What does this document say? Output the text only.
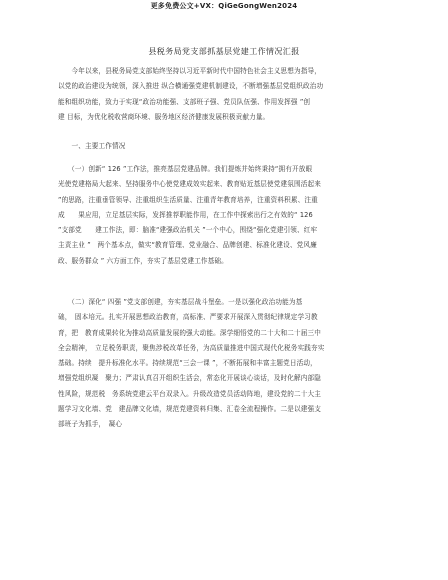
更多免费公文+VX：QiGeGongWen2024
县税务局党支部抓基层党建工作情况汇报
　　今年以来，县税务局党支部始终坚持以习近平新时代中国特色社会主义思想为指导，
以党的政治建设为统领，深入推进 纵合横通强党建机制建设，不断增强基层党组织政治功
能和组织功能，致力于实现“政治功能强、支部班子强、党员队伍强、作用发挥强 ”创
建 目标，为优化税收营商环境、服务地区经济健康发展积极贡献力量。
　　一、主要工作情况
　　（一）创新“ 126 ”工作法，推亮基层党建品牌。我们提炼并始终秉持“拥有开放眼
光使党建格局大起来、坚持服务中心使党建成效实起来、教育贴近基层使党建氛围活起来
”的思路，注重垂管领导、注重组织生活质量、注重青年教育培养，注重资料积累、注重
成　　果应用，立足基层实际，发挥推荐职能作用，在工作中探索出行之有效的“ 126
”支部党　　建工作法，即：脑准“建强政治机关 ”一个中心，围绕“强化党建引领、红牢
主责主业 ”　两个基本点，做实“教育管理、党业融合、品牌创建、标准化建设、党风廉
政、服务群众 ” 六方面工作，夯实了基层党建工作基础。
　　（二）深化“ 四强 ”党支部创建，夯实基层战斗堡垒。一是以强化政治功能为基
础，　固本培元。扎实开展思想政治教育，高标准、严要求开展深入贯彻纪律规定学习教
育，把　教育成果转化为推动高质量发展的强大动能。深学细悟党的二十大和二十届三中
全会精神，　立足税务职责，聚焦涉税改革任务，为高质量推进中国式现代化税务实践夯实
基础。持续　提升标准化水平。持续规范“三会一课 ”，不断拓展和丰富主题党日活动，
增强党组织凝　聚力；严肃认真召开组织生活会，常态化开展谈心谈话，及时化解内部隐
性风险，规范税　务系统党建云平台双录入。升级改造党员活动阵地，建设党的二十大主
题学习文化墙、党　建品牌文化墙，规范党建资料归集、汇卷全流程操作。二是以建强支
部班子为抓手，　凝心
